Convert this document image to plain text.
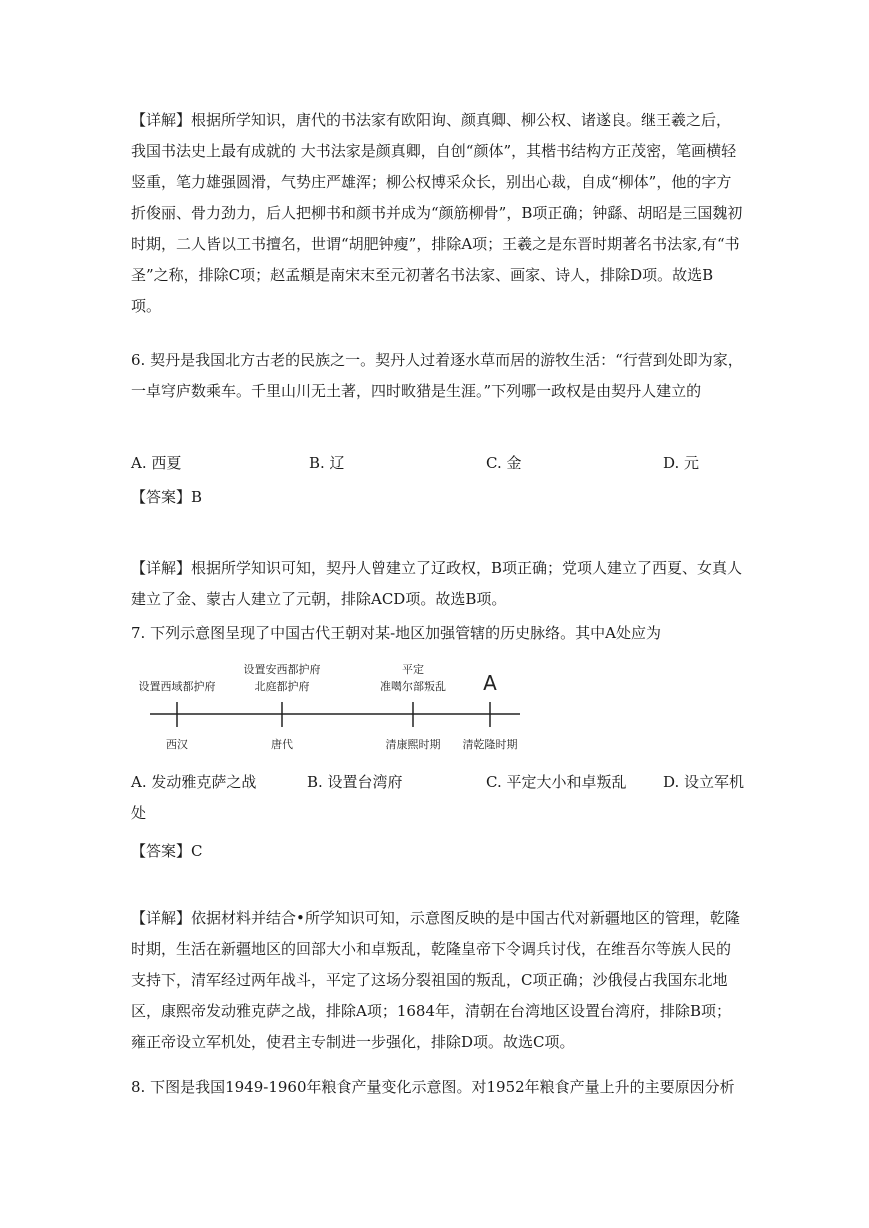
【详解】根据所学知识，唐代的书法家有欧阳询、颜真卿、柳公权、诸遂良。继王羲之后，我国书法史上最有成就的 大书法家是颜真卿，自创“颜体”，其楷书结构方正茂密，笔画横轻竖重，笔力雄强圆滑，气势庄严雄浑；柳公权博采众长，别出心裁，自成“柳体”，他的字方折俊丽、骨力劲力，后人把柳书和颜书并成为“颜筋柳骨”，B项正确；钟繇、胡昭是三国魏初时期，二人皆以工书擅名，世谓“胡肥钟瘦”，排除A项；王羲之是东晋时期著名书法家,有“书圣”之称，排除C项；赵孟頫是南宋末至元初著名书法家、画家、诗人，排除D项。故选B项。

6. 契丹是我国北方古老的民族之一。契丹人过着逐水草而居的游牧生活：“行营到处即为家，一卓穹庐数乘车。千里山川无土著，四时畋猎是生涯。”下列哪一政权是由契丹人建立的

A. 西夏	B. 辽	C. 金	D. 元

【答案】B

【详解】根据所学知识可知，契丹人曾建立了辽政权，B项正确；党项人建立了西夏、女真人建立了金、蒙古人建立了元朝，排除ACD项。故选B项。

7. 下列示意图呈现了中国古代王朝对某-地区加强管辖的历史脉络。其中A处应为

设置西域都护府
西汉
设置安西都护府
北庭都护府
唐代
平定
准噶尔部叛乱
清康熙时期
A
清乾隆时期
A. 发动雅克萨之战	B. 设置台湾府	C. 平定大小和卓叛乱 D. 设立军机

【答案】C

【详解】依据材料并结合•所学知识可知，示意图反映的是中国古代对新疆地区的管理，乾隆时期，生活在新疆地区的回部大小和卓叛乱，乾隆皇帝下令调兵讨伐，在维吾尔等族人民的支持下，清军经过两年战斗，平定了这场分裂祖国的叛乱，C项正确；沙俄侵占我国东北地区，康熙帝发动雅克萨之战，排除A项；1684年，清朝在台湾地区设置台湾府，排除B项；雍正帝设立军机处，使君主专制进一步强化，排除D项。故选C项。

8. 下图是我国1949-1960年粮食产量变化示意图。对1952年粮食产量上升的主要原因分析

处
